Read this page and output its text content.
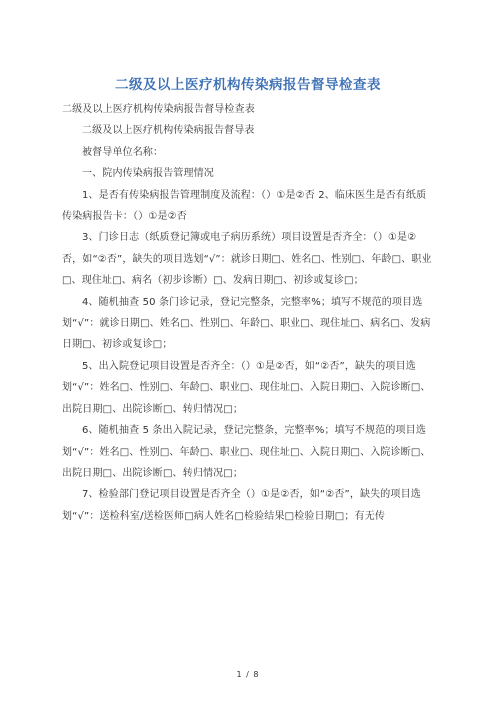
二级及以上医疗机构传染病报告督导检查表

二级及以上医疗机构传染病报告督导检查表

二级及以上医疗机构传染病报告督导表

被督导单位名称：

一、院内传染病报告管理情况

1、是否有传染病报告管理制度及流程：（）①是②否 2、临床医生是否有纸质传染病报告卡：（）①是②否

3、门诊日志（纸质登记簿或电子病历系统）项目设置是否齐全：（）①是②否，如“②否”，缺失的项目选划“√”：就诊日期□、姓名□、性别□、年龄□、职业□、现住址□、病名（初步诊断）□、发病日期□、初诊或复诊□；

4、随机抽查 50 条门诊记录，登记完整条，完整率%；填写不规范的项目选划“√”：就诊日期□、姓名□、性别□、年龄□、职业□、现住址□、病名□、发病日期□、初诊或复诊□；

5、出入院登记项目设置是否齐全：（）①是②否，如“②否”，缺失的项目选划“√”：姓名□、性别□、年龄□、职业□、现住址□、入院日期□、入院诊断□、出院日期□、出院诊断□、转归情况□；

6、随机抽查 5 条出入院记录，登记完整条，完整率%；填写不规范的项目选划“√”：姓名□、性别□、年龄□、职业□、现住址□、入院日期□、入院诊断□、出院日期□、出院诊断□、转归情况□；

7、检验部门登记项目设置是否齐全（）①是②否，如“②否”，缺失的项目选划“√”：送检科室/送检医师□病人姓名□检验结果□检验日期□；有无传

1 / 8
